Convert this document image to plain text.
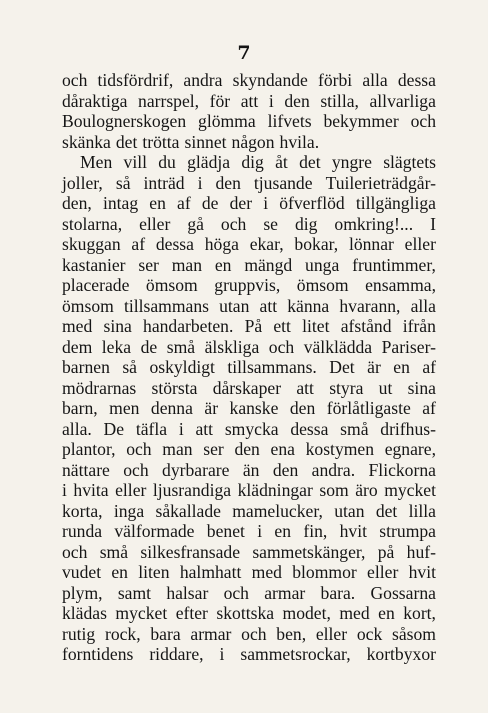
7
och tidsfördrif, andra skyndande förbi alla dessa
dåraktiga narrspel, för att i den stilla, allvarliga
Boulognerskogen glömma lifvets bekymmer och
skänka det trötta sinnet någon hvila.
Men vill du glädja dig åt det yngre slägtets
joller, så inträd i den tjusande Tuilerieträdgår-
den, intag en af de der i öfverflöd tillgängliga
stolarna, eller gå och se dig omkring!... I
skuggan af dessa höga ekar, bokar, lönnar eller
kastanier ser man en mängd unga fruntimmer,
placerade ömsom gruppvis, ömsom ensamma,
ömsom tillsammans utan att känna hvarann, alla
med sina handarbeten. På ett litet afstånd ifrån
dem leka de små älskliga och välklädda Pariser-
barnen så oskyldigt tillsammans. Det är en af
mödrarnas största dårskaper att styra ut sina
barn, men denna är kanske den förlåtligaste af
alla. De täfla i att smycka dessa små drifhus-
plantor, och man ser den ena kostymen egnare,
nättare och dyrbarare än den andra. Flickorna
i hvita eller ljusrandiga klädningar som äro mycket
korta, inga såkallade mamelucker, utan det lilla
runda välformade benet i en fin, hvit strumpa
och små silkesfransade sammetskänger, på huf-
vudet en liten halmhatt med blommor eller hvit
plym, samt halsar och armar bara. Gossarna
klädas mycket efter skottska modet, med en kort,
rutig rock, bara armar och ben, eller ock såsom
forntidens riddare, i sammetsrockar, kortbyxor
